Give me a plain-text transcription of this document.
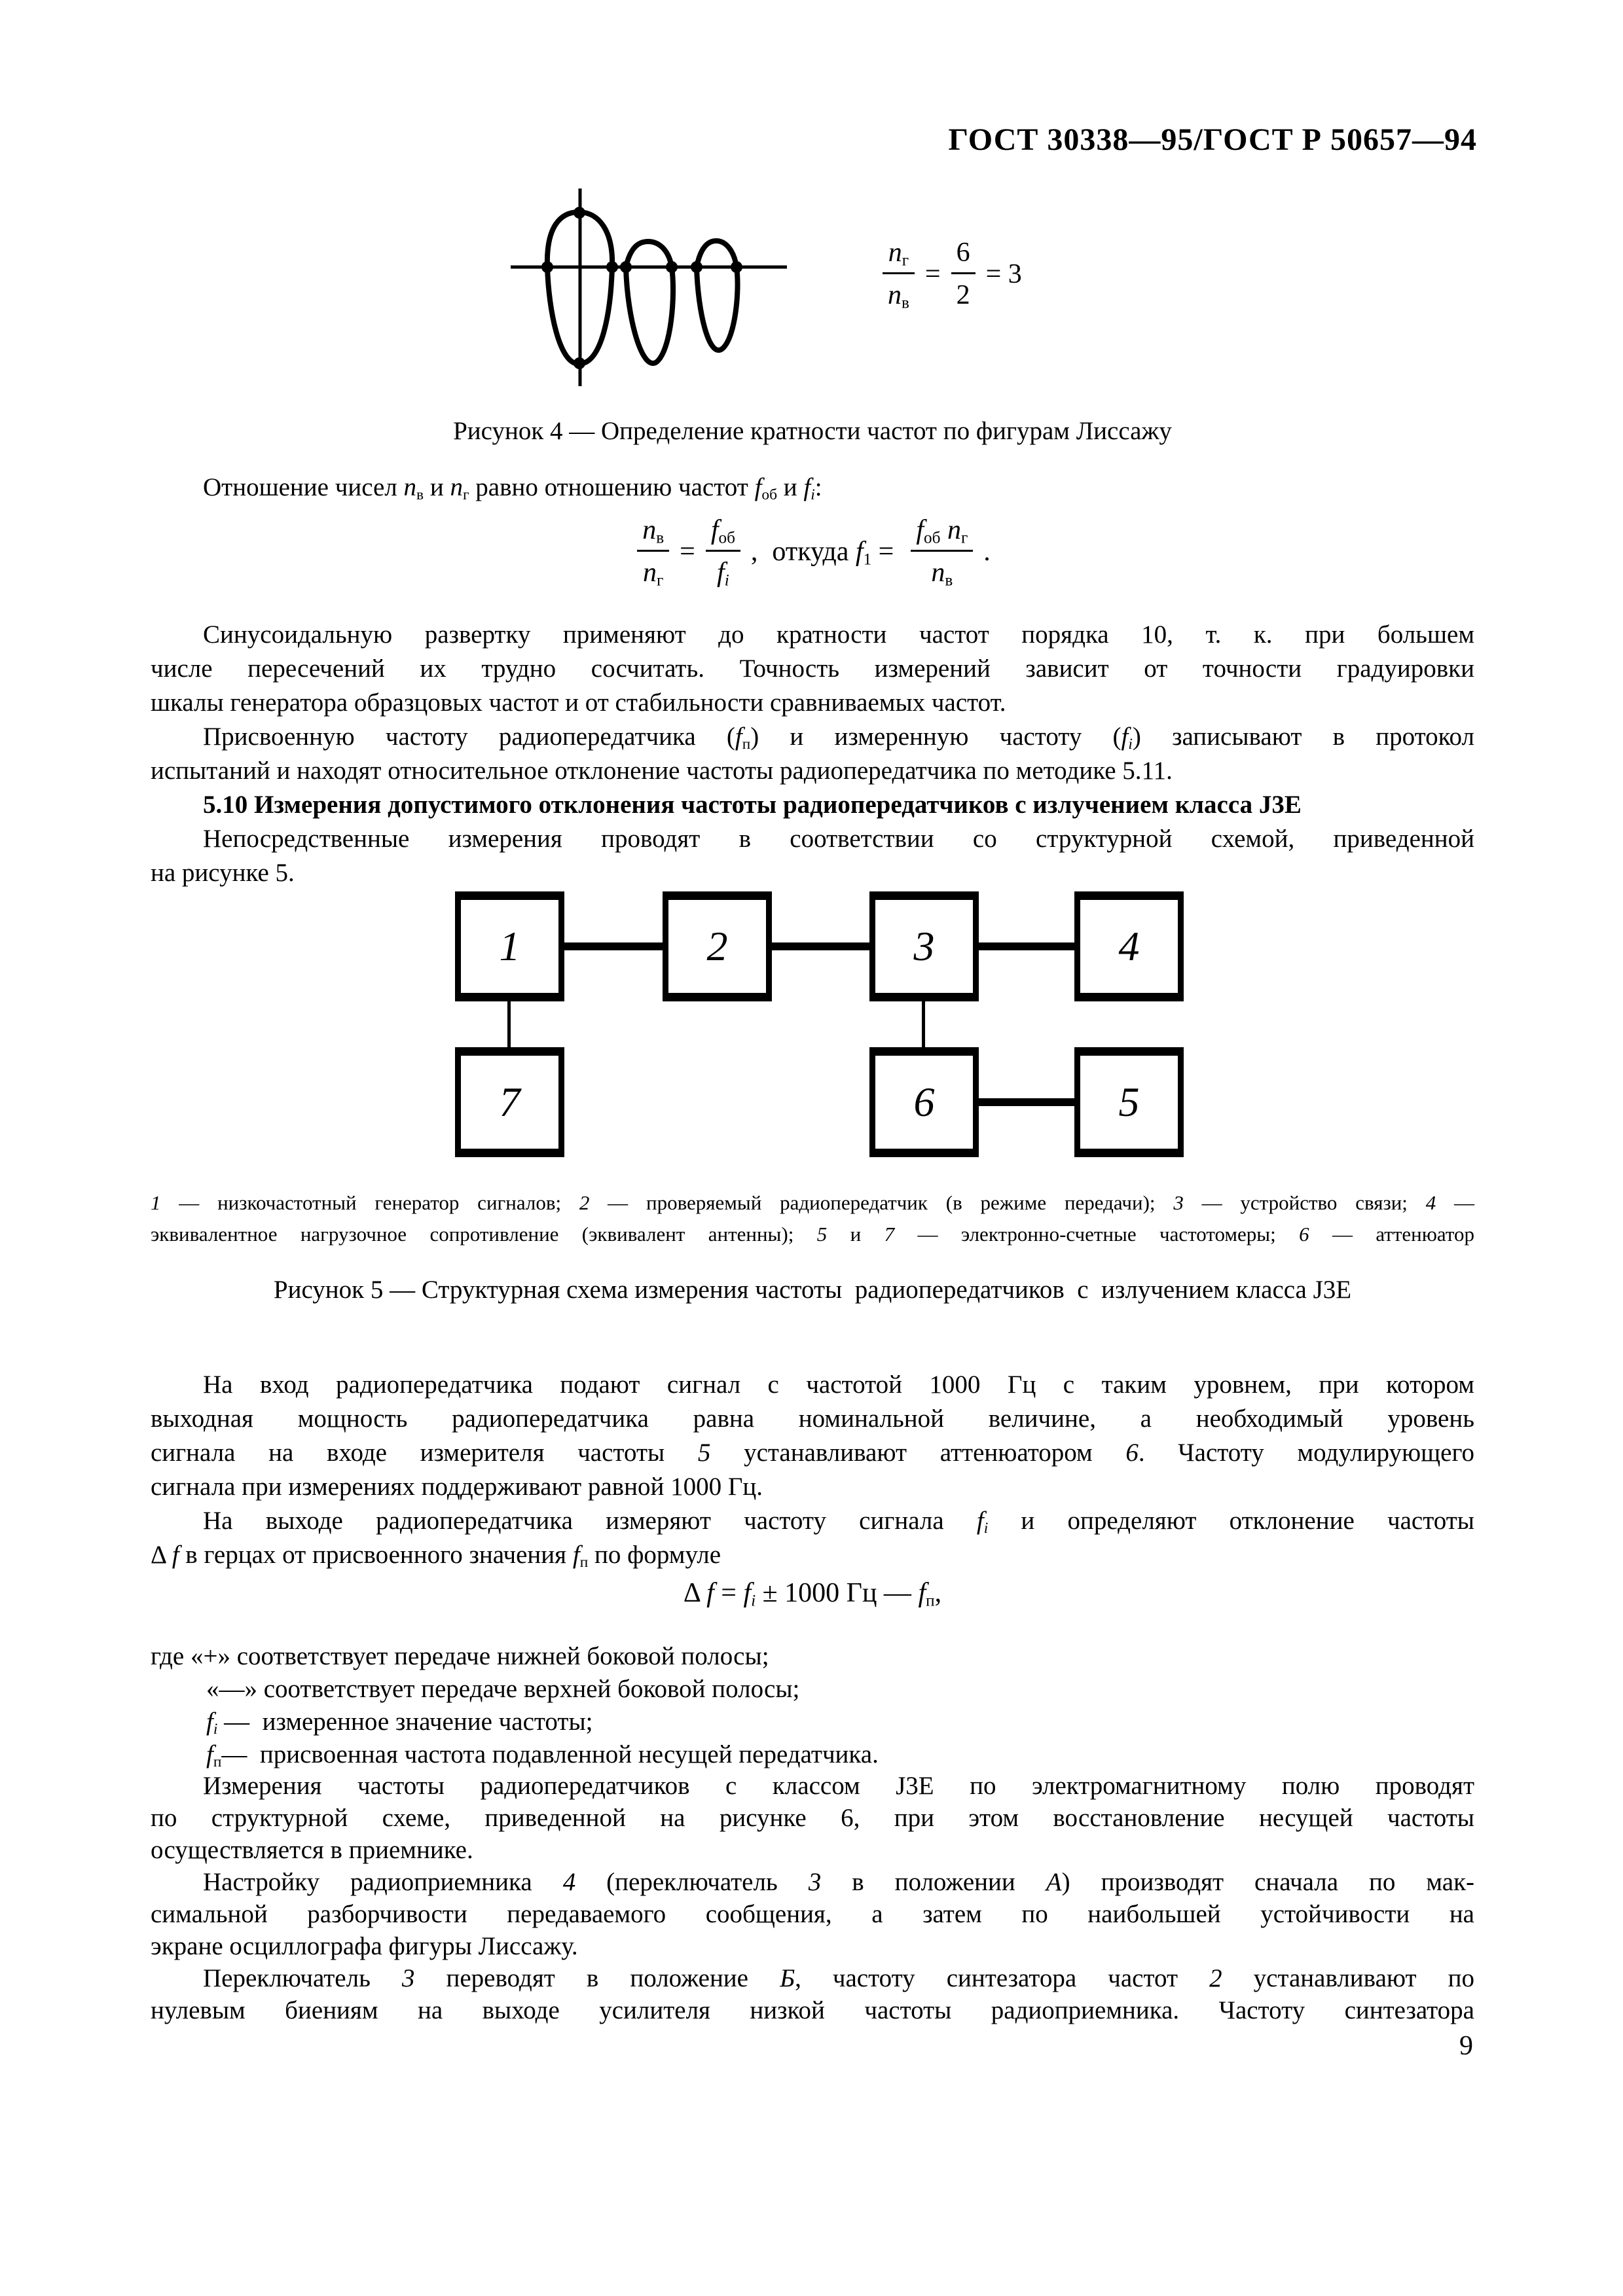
ГОСТ 30338—95/ГОСТ Р 50657—94
$\frac{n_г}{n_в} = \frac{6}{2} = 3$
Рисунок 4 — Определение кратности частот по фигурам Лиссажу
Отношение чисел $n_в$ и $n_г$ равно отношению частот $f_{об}$ и $f_i$:
$\frac{n_в}{n_г} = \frac{f_{об}}{f_i}$ , откуда $f_1 = \frac{f_{об} n_г}{n_в}$ .
Синусоидальную развертку применяют до кратности частот порядка 10, т. к. при большем
числе пересечений их трудно сосчитать. Точность измерений зависит от точности градуировки
шкалы генератора образцовых частот и от стабильности сравниваемых частот.
Присвоенную частоту радиопередатчика $(f_п)$ и измеренную частоту $(f_i)$ записывают в протокол
испытаний и находят относительное отклонение частоты радиопередатчика по методике 5.11.
5.10 Измерения допустимого отклонения частоты радиопередатчиков с излучением класса J3E
Непосредственные измерения проводят в соответствии со структурной схемой, приведенной
на рисунке 5.
1	2	3	4
7	6	5
1 — низкочастотный генератор сигналов; 2 — проверяемый радиопередатчик (в режиме передачи); 3 — устройство связи; 4 —
эквивалентное нагрузочное сопротивление (эквивалент антенны); 5 и 7 — электронно-счетные частотомеры; 6 — аттенюатор
Рисунок 5 — Структурная схема измерения частоты  радиопередатчиков  с  излучением класса J3E
На вход радиопередатчика подают сигнал с частотой 1000 Гц с таким уровнем, при котором
выходная мощность радиопередатчика равна номинальной величине, а необходимый уровень
сигнала на входе измерителя частоты 5 устанавливают аттенюатором 6. Частоту модулирующего
сигнала при измерениях поддерживают равной 1000 Гц.
На выходе радиопередатчика измеряют частоту сигнала $f_i$ и определяют отклонение частоты
Δ f в герцах от присвоенного значения $f_п$ по формуле
Δ $f = f_i \pm 1000$ Гц — $f_п$,
где «+» соответствует передаче нижней боковой полосы;
«—» соответствует передаче верхней боковой полосы;
$f_i$ —  измеренное значение частоты;
$f_п—$  присвоенная частота подавленной несущей передатчика.
Измерения частоты радиопередатчиков с классом J3E по электромагнитному полю проводят
по структурной схеме, приведенной на рисунке 6, при этом восстановление несущей частоты
осуществляется в приемнике.
Настройку радиоприемника 4 (переключатель 3 в положении А) производят сначала по мак-
симальной разборчивости передаваемого сообщения, а затем по наибольшей устойчивости на
экране осциллографа фигуры Лиссажу.
Переключатель 3 переводят в положение Б, частоту синтезатора частот 2 устанавливают по
нулевым биениям на выходе усилителя низкой частоты радиоприемника. Частоту синтезатора
9
